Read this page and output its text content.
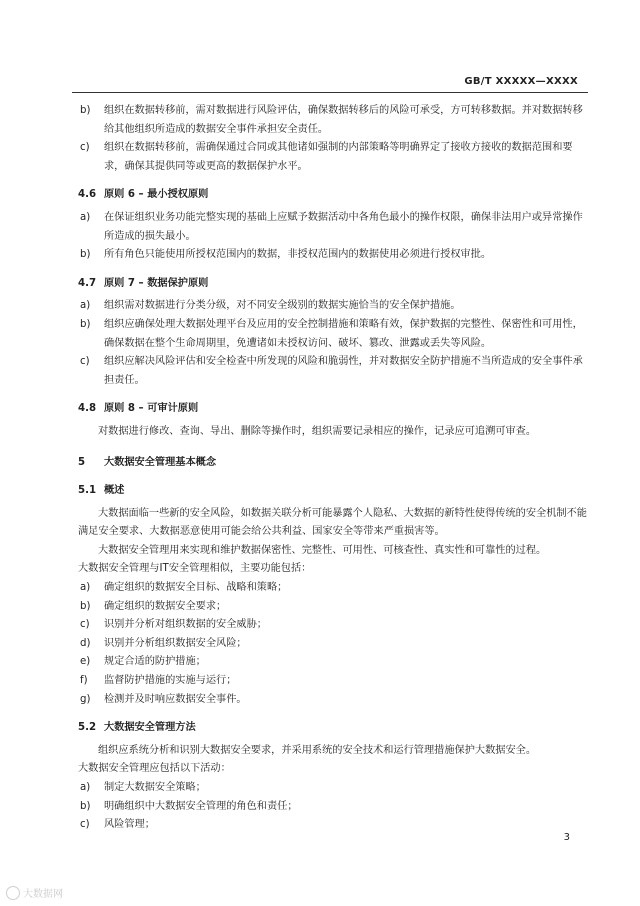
GB/T XXXXX—XXXX
b) 组织在数据转移前，需对数据进行风险评估，确保数据转移后的风险可承受，方可转移数据。并对数据转移给其他组织所造成的数据安全事件承担安全责任。
c) 组织在数据转移前，需确保通过合同或其他诸如强制的内部策略等明确界定了接收方接收的数据范围和要求，确保其提供同等或更高的数据保护水平。
4.6 原则 6 – 最小授权原则
a) 在保证组织业务功能完整实现的基础上应赋予数据活动中各角色最小的操作权限，确保非法用户或异常操作所造成的损失最小。
b) 所有角色只能使用所授权范围内的数据，非授权范围内的数据使用必须进行授权审批。
4.7 原则 7 – 数据保护原则
a) 组织需对数据进行分类分级，对不同安全级别的数据实施恰当的安全保护措施。
b) 组织应确保处理大数据处理平台及应用的安全控制措施和策略有效，保护数据的完整性、保密性和可用性，确保数据在整个生命周期里，免遭诸如未授权访问、破坏、篡改、泄露或丢失等风险。
c) 组织应解决风险评估和安全检查中所发现的风险和脆弱性，并对数据安全防护措施不当所造成的安全事件承担责任。
4.8 原则 8 – 可审计原则
对数据进行修改、查询、导出、删除等操作时，组织需要记录相应的操作，记录应可追溯可审查。
5 大数据安全管理基本概念
5.1 概述
大数据面临一些新的安全风险，如数据关联分析可能暴露个人隐私、大数据的新特性使得传统的安全机制不能满足安全要求、大数据恶意使用可能会给公共利益、国家安全等带来严重损害等。
大数据安全管理用来实现和维护数据保密性、完整性、可用性、可核查性、真实性和可靠性的过程。
大数据安全管理与IT安全管理相似，主要功能包括：
a) 确定组织的数据安全目标、战略和策略；
b) 确定组织的数据安全要求；
c) 识别并分析对组织数据的安全威胁；
d) 识别并分析组织数据安全风险；
e) 规定合适的防护措施；
f) 监督防护措施的实施与运行；
g) 检测并及时响应数据安全事件。
5.2 大数据安全管理方法
组织应系统分析和识别大数据安全要求，并采用系统的安全技术和运行管理措施保护大数据安全。
大数据安全管理应包括以下活动：
a) 制定大数据安全策略；
b) 明确组织中大数据安全管理的角色和责任；
c) 风险管理；
3
大数据网
